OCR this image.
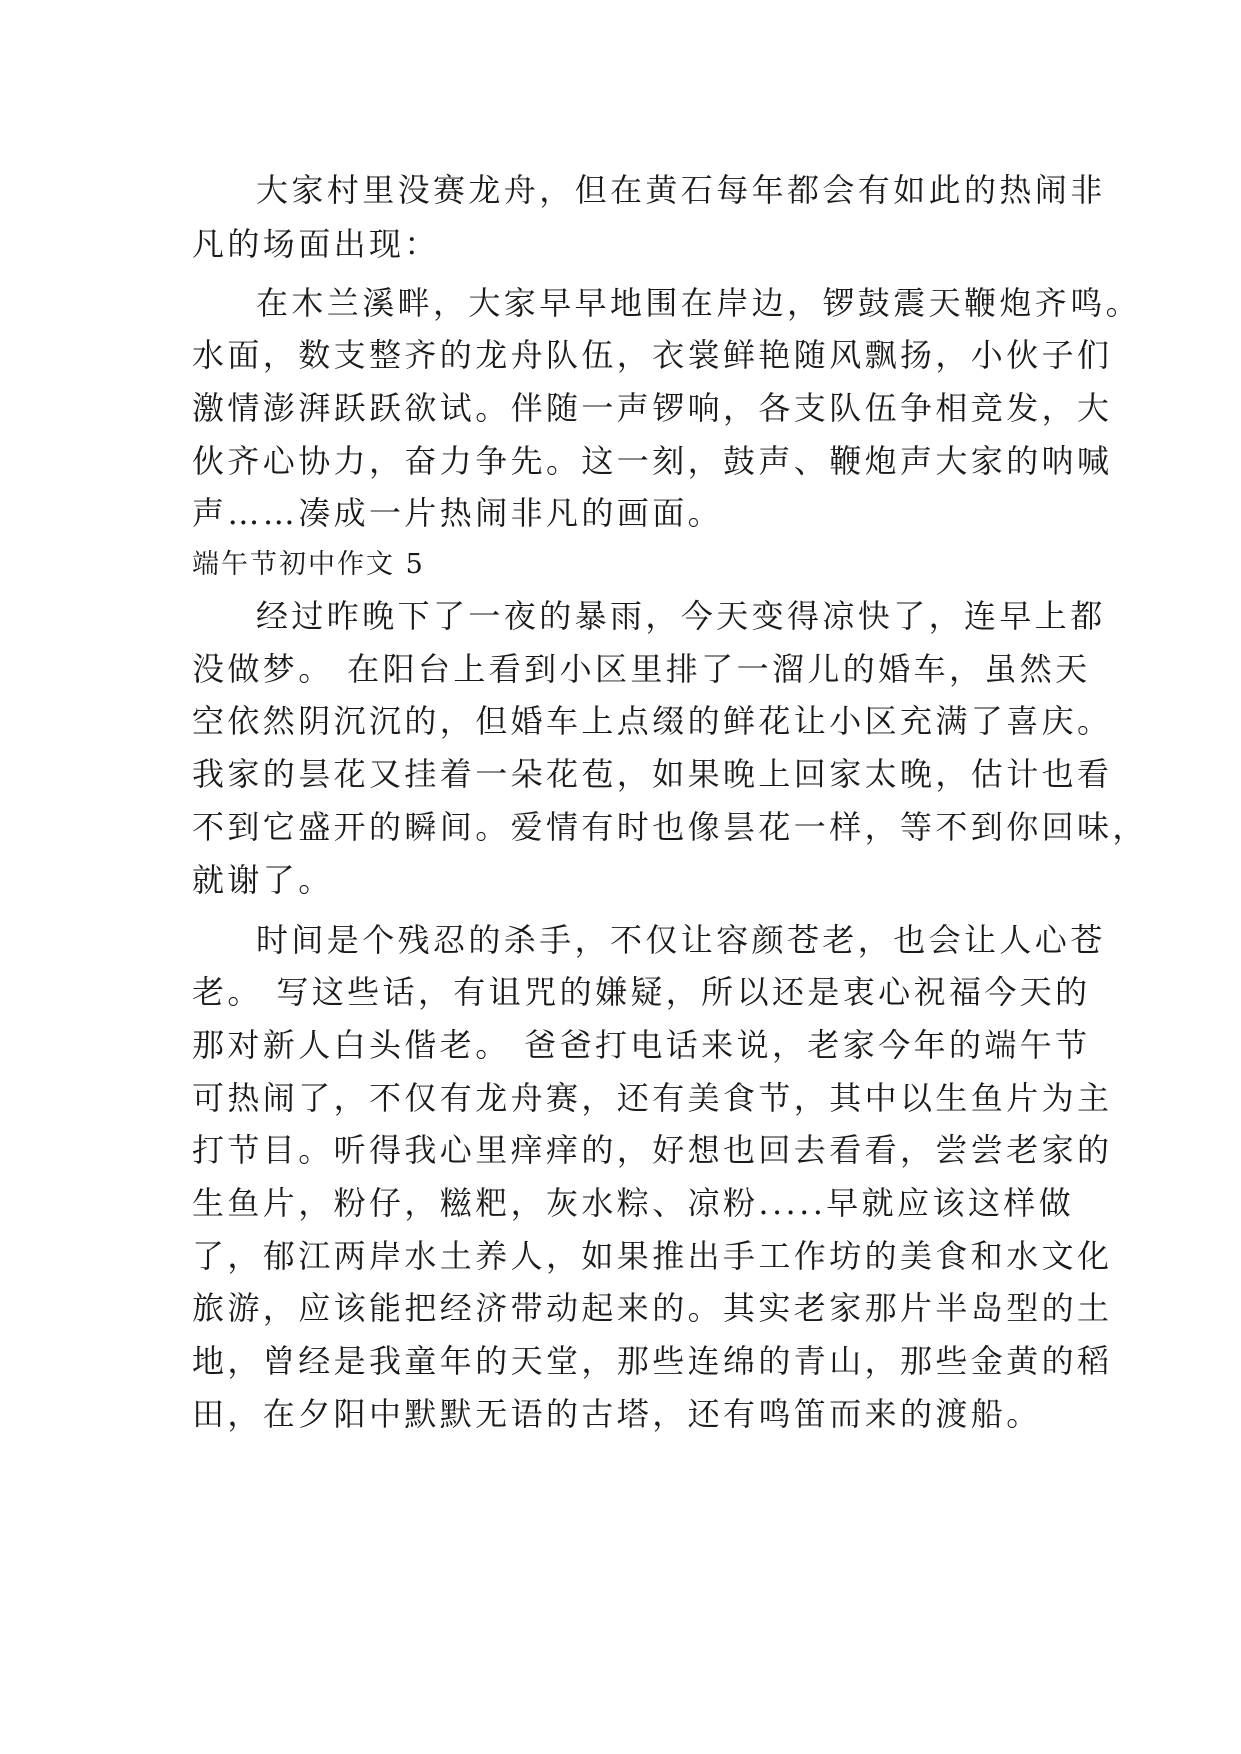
大家村里没赛龙舟，但在黄石每年都会有如此的热闹非
凡的场面出现：
在木兰溪畔，大家早早地围在岸边，锣鼓震天鞭炮齐鸣。
水面，数支整齐的龙舟队伍，衣裳鲜艳随风飘扬，小伙子们
激情澎湃跃跃欲试。伴随一声锣响，各支队伍争相竞发，大
伙齐心协力，奋力争先。这一刻，鼓声、鞭炮声大家的呐喊
声……凑成一片热闹非凡的画面。
端午节初中作文 5
经过昨晚下了一夜的暴雨，今天变得凉快了，连早上都
没做梦。 在阳台上看到小区里排了一溜儿的婚车，虽然天
空依然阴沉沉的，但婚车上点缀的鲜花让小区充满了喜庆。
我家的昙花又挂着一朵花苞，如果晚上回家太晚，估计也看
不到它盛开的瞬间。爱情有时也像昙花一样，等不到你回味，
就谢了。
时间是个残忍的杀手，不仅让容颜苍老，也会让人心苍
老。 写这些话，有诅咒的嫌疑，所以还是衷心祝福今天的
那对新人白头偕老。 爸爸打电话来说，老家今年的端午节
可热闹了，不仅有龙舟赛，还有美食节，其中以生鱼片为主
打节目。听得我心里痒痒的，好想也回去看看，尝尝老家的
生鱼片，粉仔，糍粑，灰水粽、凉粉.....早就应该这样做
了，郁江两岸水土养人，如果推出手工作坊的美食和水文化
旅游，应该能把经济带动起来的。其实老家那片半岛型的土
地，曾经是我童年的天堂，那些连绵的青山，那些金黄的稻
田，在夕阳中默默无语的古塔，还有鸣笛而来的渡船。
